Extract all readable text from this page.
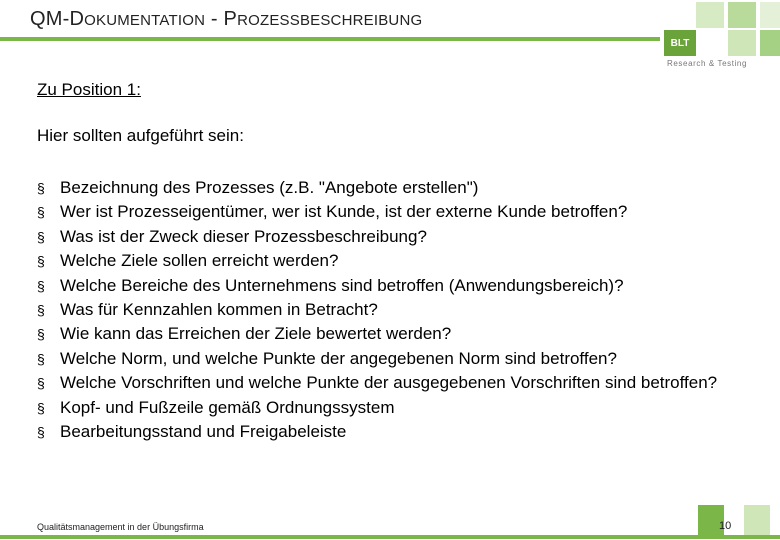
QM-DOKUMENTATION - PROZESSBESCHREIBUNG
BLT
Research & Testing
Zu Position 1:
Hier sollten aufgeführt sein:
§ Bezeichnung des Prozesses (z.B. "Angebote erstellen")
§ Wer ist Prozesseigentümer, wer ist Kunde, ist der externe Kunde betroffen?
§ Was ist der Zweck dieser Prozessbeschreibung?
§ Welche Ziele sollen erreicht werden?
§ Welche Bereiche des Unternehmens sind betroffen (Anwendungsbereich)?
§ Was für Kennzahlen kommen in Betracht?
§ Wie kann das Erreichen der Ziele bewertet werden?
§ Welche Norm, und welche Punkte der angegebenen Norm sind betroffen?
§ Welche Vorschriften und welche Punkte der ausgegebenen Vorschriften sind betroffen?
§ Kopf- und Fußzeile gemäß Ordnungssystem
§ Bearbeitungsstand und Freigabeleiste
Qualitätsmanagement in der Übungsfirma	10
